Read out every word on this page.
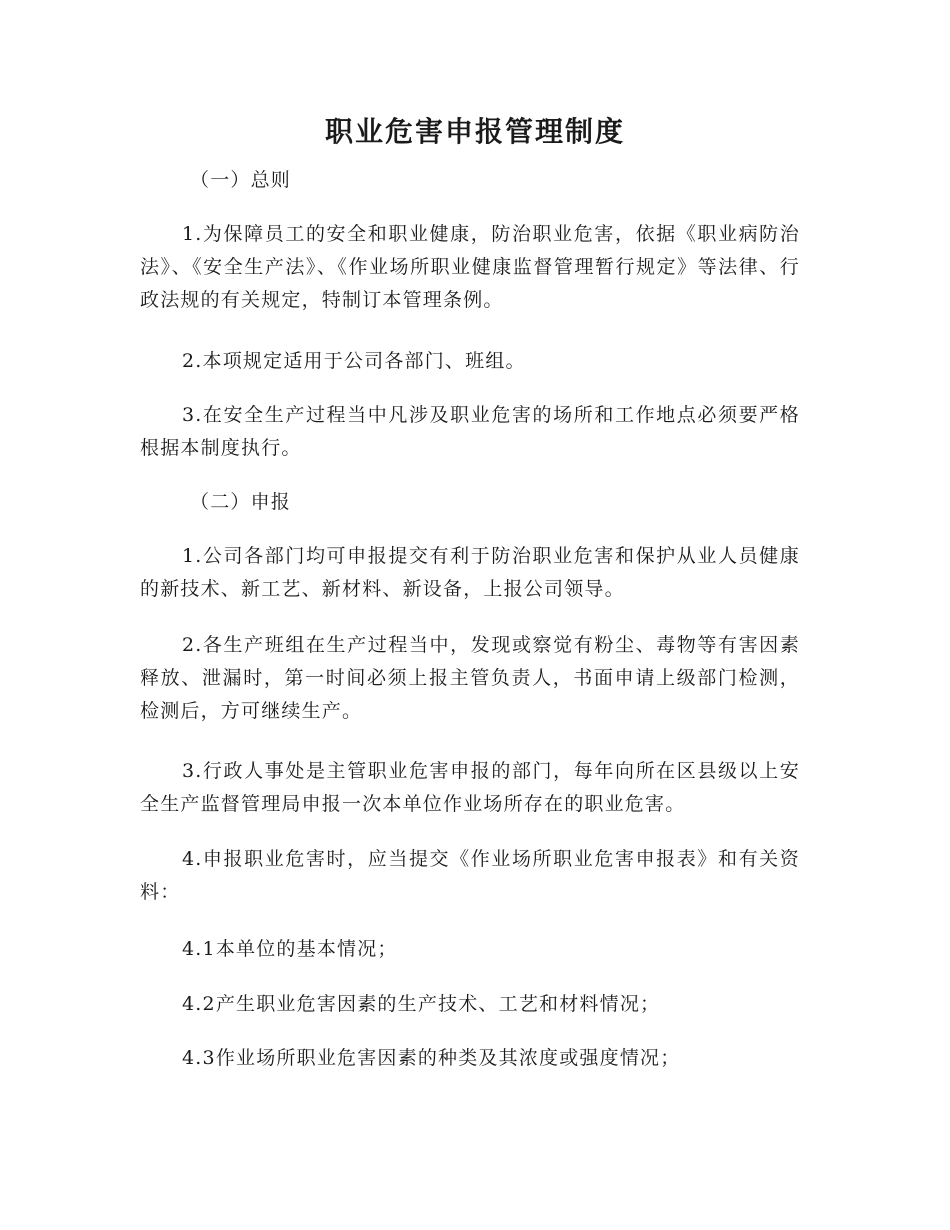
职业危害申报管理制度

（一）总则

1.为保障员工的安全和职业健康，防治职业危害，依据《职业病防治法》、《安全生产法》、《作业场所职业健康监督管理暂行规定》等法律、行政法规的有关规定，特制订本管理条例。

2.本项规定适用于公司各部门、班组。

3.在安全生产过程当中凡涉及职业危害的场所和工作地点必须要严格根据本制度执行。

（二）申报

1.公司各部门均可申报提交有利于防治职业危害和保护从业人员健康的新技术、新工艺、新材料、新设备，上报公司领导。

2.各生产班组在生产过程当中，发现或察觉有粉尘、毒物等有害因素释放、泄漏时，第一时间必须上报主管负责人，书面申请上级部门检测，检测后，方可继续生产。

3.行政人事处是主管职业危害申报的部门，每年向所在区县级以上安全生产监督管理局申报一次本单位作业场所存在的职业危害。

4.申报职业危害时，应当提交《作业场所职业危害申报表》和有关资料：

4.1本单位的基本情况；

4.2产生职业危害因素的生产技术、工艺和材料情况；

4.3作业场所职业危害因素的种类及其浓度或强度情况；
